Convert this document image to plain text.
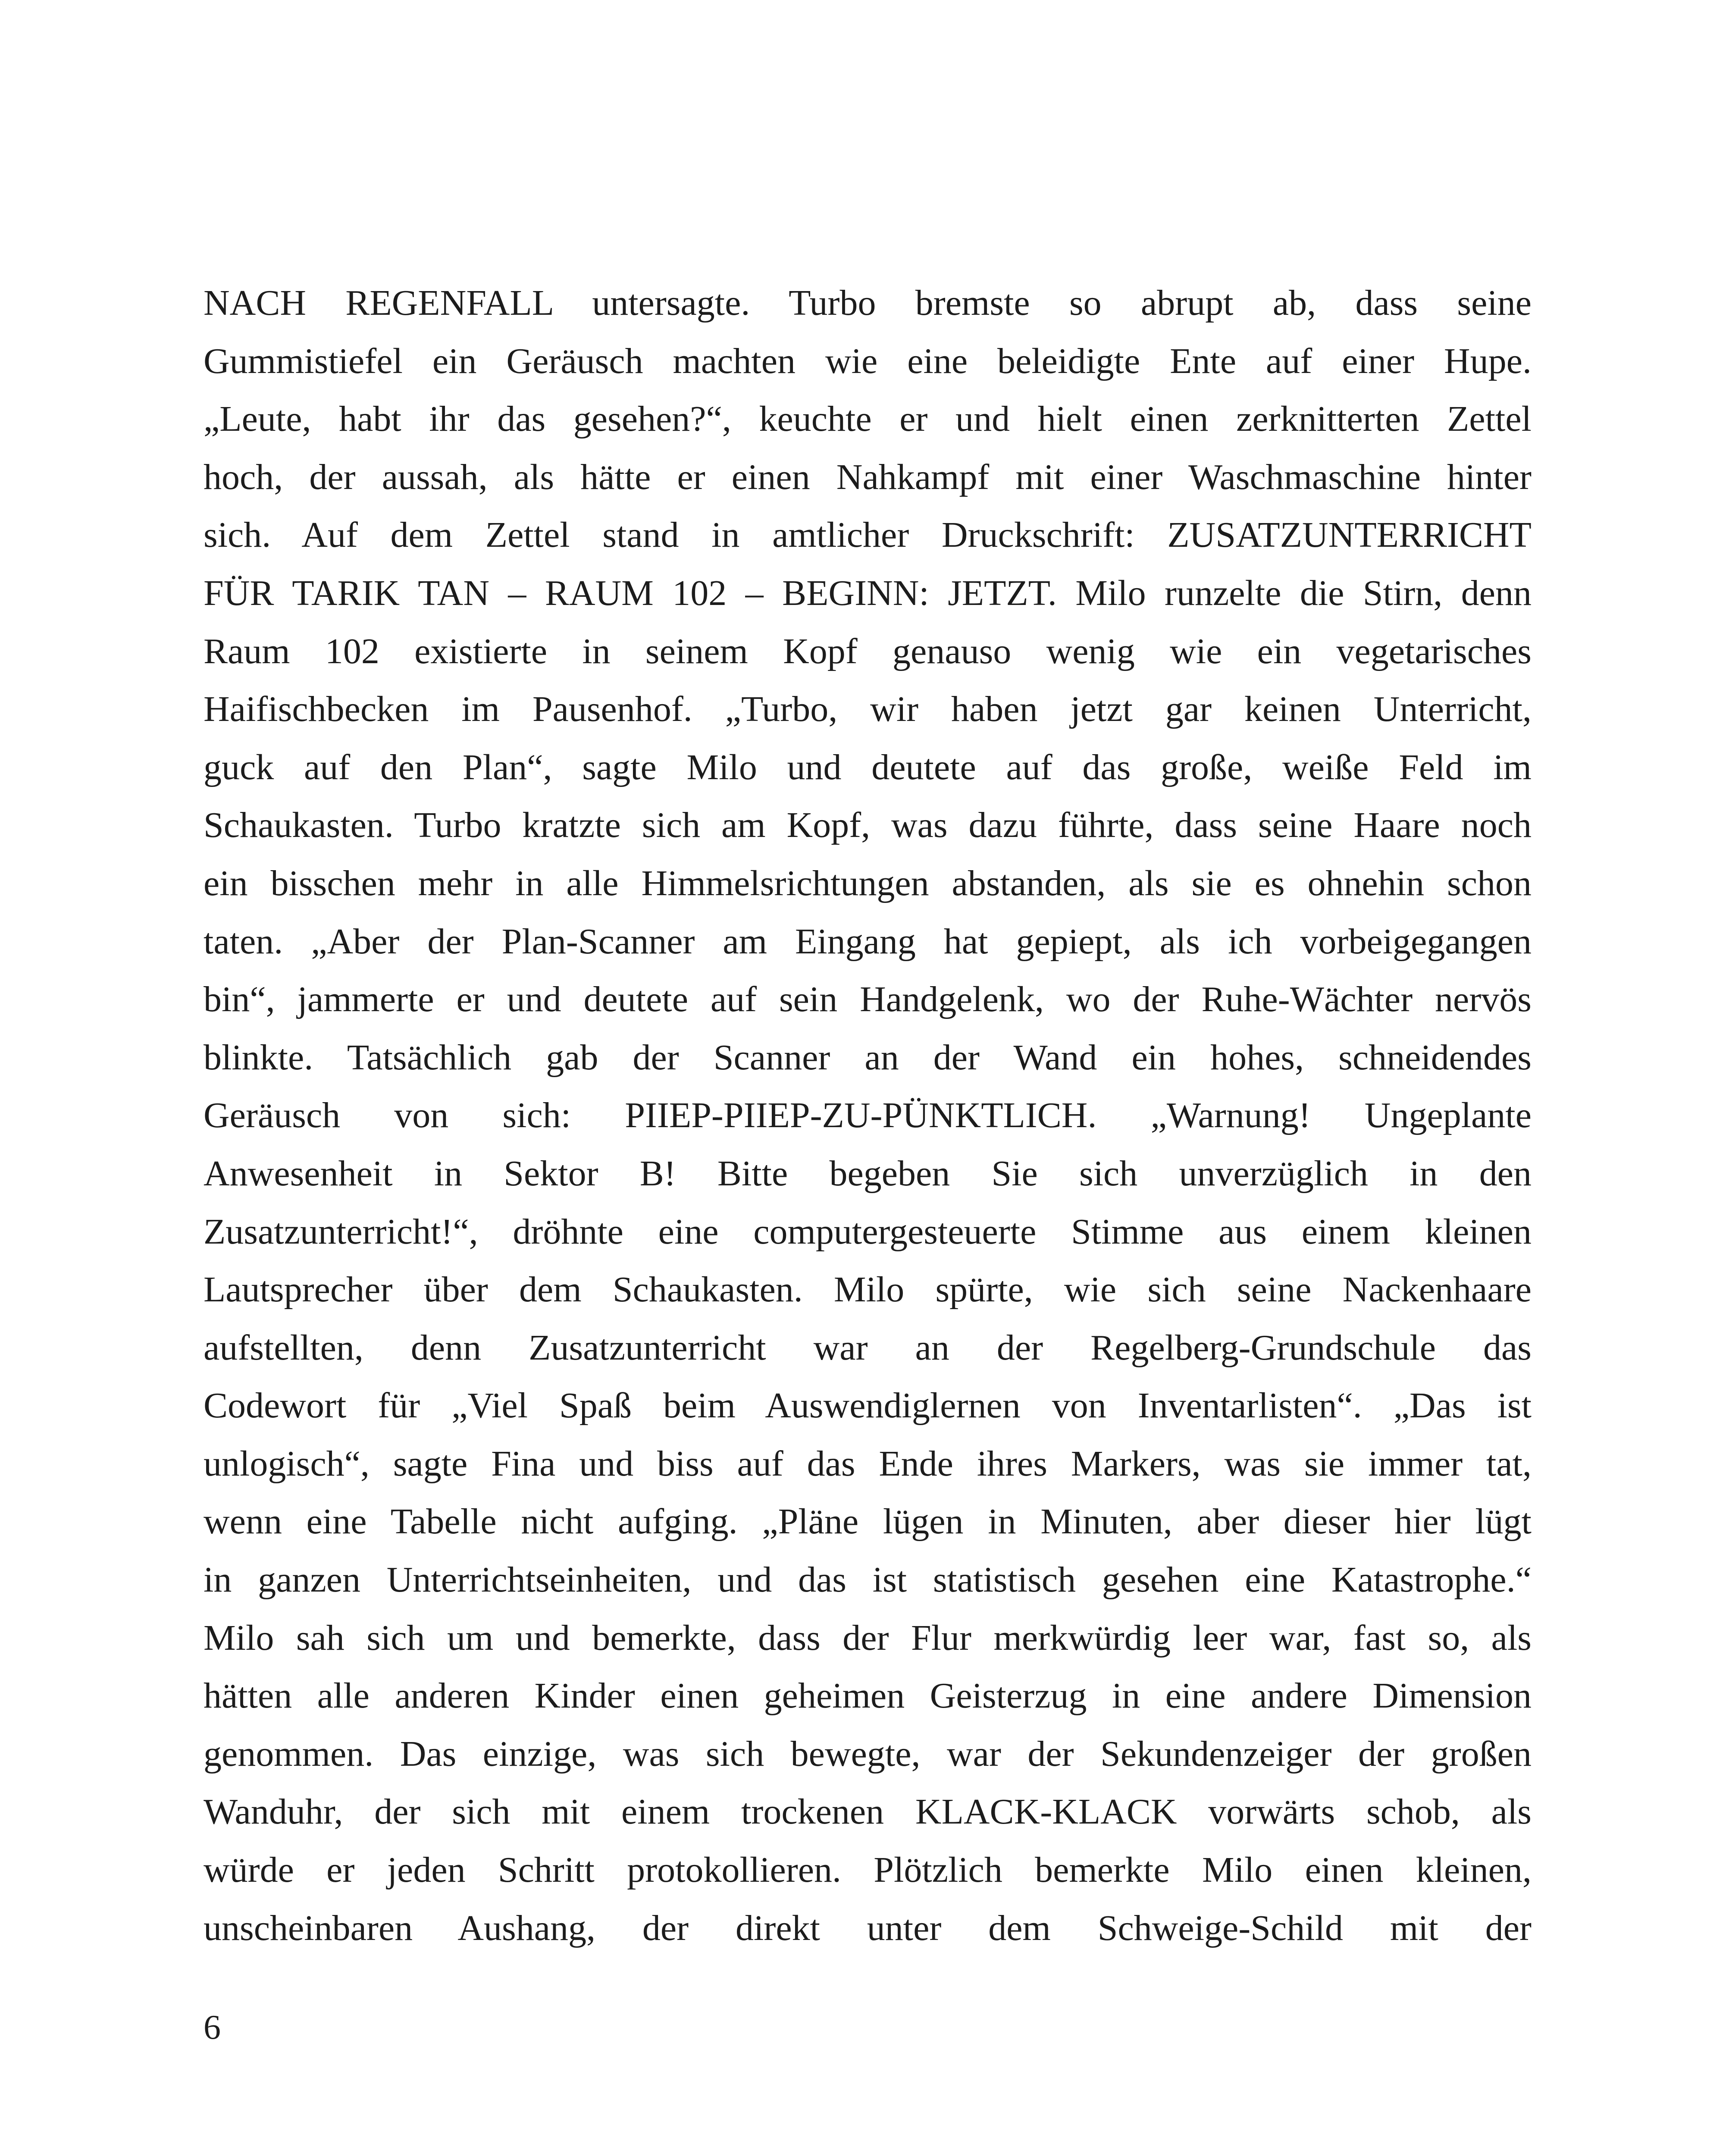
NACH REGENFALL untersagte. Turbo bremste so abrupt ab, dass seine
Gummistiefel ein Geräusch machten wie eine beleidigte Ente auf einer Hupe.
„Leute, habt ihr das gesehen?“, keuchte er und hielt einen zerknitterten Zettel
hoch, der aussah, als hätte er einen Nahkampf mit einer Waschmaschine hinter
sich. Auf dem Zettel stand in amtlicher Druckschrift: ZUSATZUNTERRICHT
FÜR TARIK TAN – RAUM 102 – BEGINN: JETZT. Milo runzelte die Stirn, denn
Raum 102 existierte in seinem Kopf genauso wenig wie ein vegetarisches
Haifischbecken im Pausenhof. „Turbo, wir haben jetzt gar keinen Unterricht,
guck auf den Plan“, sagte Milo und deutete auf das große, weiße Feld im
Schaukasten. Turbo kratzte sich am Kopf, was dazu führte, dass seine Haare noch
ein bisschen mehr in alle Himmelsrichtungen abstanden, als sie es ohnehin schon
taten. „Aber der Plan-Scanner am Eingang hat gepiept, als ich vorbeigegangen
bin“, jammerte er und deutete auf sein Handgelenk, wo der Ruhe-Wächter nervös
blinkte. Tatsächlich gab der Scanner an der Wand ein hohes, schneidendes
Geräusch von sich: PIIEP-PIIEP-ZU-PÜNKTLICH. „Warnung! Ungeplante
Anwesenheit in Sektor B! Bitte begeben Sie sich unverzüglich in den
Zusatzunterricht!“, dröhnte eine computergesteuerte Stimme aus einem kleinen
Lautsprecher über dem Schaukasten. Milo spürte, wie sich seine Nackenhaare
aufstellten, denn Zusatzunterricht war an der Regelberg-Grundschule das
Codewort für „Viel Spaß beim Auswendiglernen von Inventarlisten“. „Das ist
unlogisch“, sagte Fina und biss auf das Ende ihres Markers, was sie immer tat,
wenn eine Tabelle nicht aufging. „Pläne lügen in Minuten, aber dieser hier lügt
in ganzen Unterrichtseinheiten, und das ist statistisch gesehen eine Katastrophe.“
Milo sah sich um und bemerkte, dass der Flur merkwürdig leer war, fast so, als
hätten alle anderen Kinder einen geheimen Geisterzug in eine andere Dimension
genommen. Das einzige, was sich bewegte, war der Sekundenzeiger der großen
Wanduhr, der sich mit einem trockenen KLACK-KLACK vorwärts schob, als
würde er jeden Schritt protokollieren. Plötzlich bemerkte Milo einen kleinen,
unscheinbaren Aushang, der direkt unter dem Schweige-Schild mit der
6
